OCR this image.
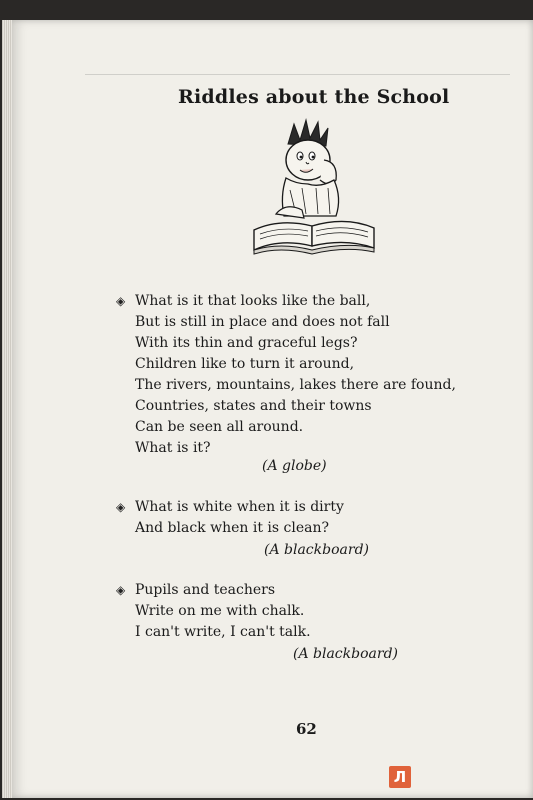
Riddles about the School
◈ What is it that looks like the ball,
But is still in place and does not fall
With its thin and graceful legs?
Children like to turn it around,
The rivers, mountains, lakes there are found,
Countries, states and their towns
Can be seen all around.
What is it?
(A globe)
◈ What is white when it is dirty
And black when it is clean?
(A blackboard)
◈ Pupils and teachers
Write on me with chalk.
I can't write, I can't talk.
(A blackboard)
62
Л
